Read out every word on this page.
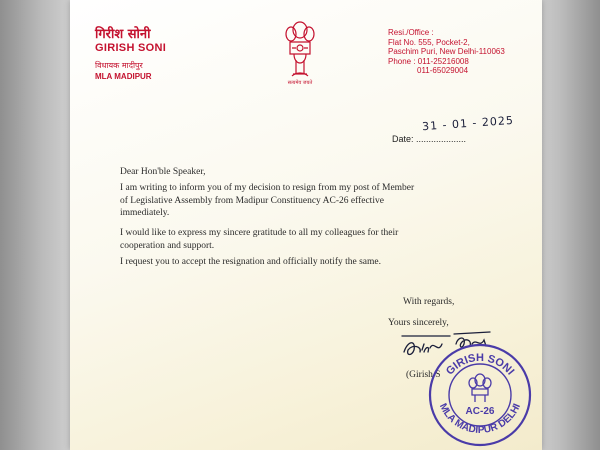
गिरीश सोनी
GIRISH SONI
विधायक मादीपुर
MLA MADIPUR
सत्यमेव जयते
Resi./Office :
Flat No. 555, Pocket-2,
Paschim Puri, New Delhi-110063
Phone : 011-25216008
011-65029004
Date: ....................
31 - 01 - 2025
Dear Hon'ble Speaker,
I am writing to inform you of my decision to resign from my post of Member of Legislative Assembly from Madipur Constituency AC-26 effective immediately.
I would like to express my sincere gratitude to all my colleagues for their cooperation and support.
I request you to accept the resignation and officially notify the same.
With regards,
Yours sincerely,
(Girish S GIRISH SONI
MLA MADIPUR DELHI
AC-26
